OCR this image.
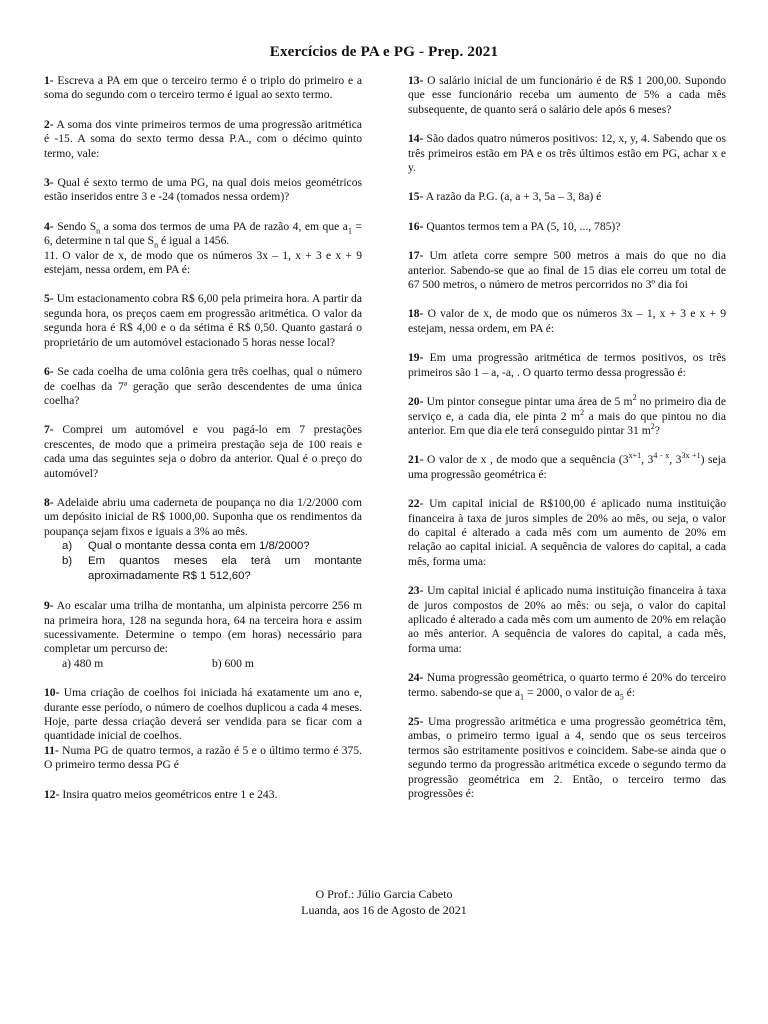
Exercícios de PA e PG - Prep. 2021

1- Escreva a PA em que o terceiro termo é o triplo do primeiro e a soma do segundo com o terceiro termo é igual ao sexto termo.

2- A soma dos vinte primeiros termos de uma progressão aritmética é -15. A soma do sexto termo dessa P.A., com o décimo quinto termo, vale:

3- Qual é sexto termo de uma PG, na qual dois meios geométricos estão inseridos entre 3 e -24 (tomados nessa ordem)?

4- Sendo $S_n$ a soma dos termos de uma PA de razão 4, em que $a_1 = 6$, determine n tal que $S_n$ é igual a 1456.

11. O valor de x, de modo que os números 3x – 1, x + 3 e x + 9 estejam, nessa ordem, em PA é:

5- Um estacionamento cobra R$ 6,00 pela primeira hora. A partir da segunda hora, os preços caem em progressão aritmética. O valor da segunda hora é R$ 4,00 e o da sétima é R$ 0,50. Quanto gastará o proprietário de um automóvel estacionado 5 horas nesse local?

6- Se cada coelha de uma colônia gera três coelhas, qual o número de coelhas da 7ª geração que serão descendentes de uma única coelha?

7- Comprei um automóvel e vou pagá-lo em 7 prestações crescentes, de modo que a primeira prestação seja de 100 reais e cada uma das seguintes seja o dobro da anterior. Qual é o preço do automóvel?

8- Adelaide abriu uma caderneta de poupança no dia 1/2/2000 com um depósito inicial de R$ 1000,00. Suponha que os rendimentos da poupança sejam fixos e iguais a 3% ao mês.
a)	Qual o montante dessa conta em 1/8/2000?
b)	Em quantos meses ela terá um montante aproximadamente R$ 1 512,60?
9- Ao escalar uma trilha de montanha, um alpinista percorre 256 m na primeira hora, 128 na segunda hora, 64 na terceira hora e assim sucessivamente. Determine o tempo (em horas) necessário para completar um percurso de:
a) 480 m	b) 600 m

10- Uma criação de coelhos foi iniciada há exatamente um ano e, durante esse período, o número de coelhos duplicou a cada 4 meses. Hoje, parte dessa criação deverá ser vendida para se ficar com a quantidade inicial de coelhos.

11- Numa PG de quatro termos, a razão é 5 e o último termo é 375. O primeiro termo dessa PG é

12- Insira quatro meios geométricos entre 1 e 243.

13- O salário inicial de um funcionário é de R$ 1 200,00. Supondo que esse funcionário receba um aumento de 5% a cada mês subsequente, de quanto será o salário dele após 6 meses?

14- São dados quatro números positivos: 12, x, y, 4. Sabendo que os três primeiros estão em PA e os três últimos estão em PG, achar x e y.

15- A razão da P.G. (a, a + 3, 5a – 3, 8a) é

16- Quantos termos tem a PA (5, 10, ..., 785)?

17- Um atleta corre sempre 500 metros a mais do que no dia anterior. Sabendo-se que ao final de 15 dias ele correu um total de 67 500 metros, o número de metros percorridos no 3º dia foi

18- O valor de x, de modo que os números 3x – 1, x + 3 e x + 9 estejam, nessa ordem, em PA é:

19- Em uma progressão aritmética de termos positivos, os três primeiros são 1 – a, -a, . O quarto termo dessa progressão é:

20- Um pintor consegue pintar uma área de 5 $m^2$ no primeiro dia de serviço e, a cada dia, ele pinta 2 $m^2$ a mais do que pintou no dia anterior. Em que dia ele terá conseguido pintar 31 $m^2$?

21- O valor de x , de modo que a sequência ($3^{x+1}$, 3$^{4 - x}$, $3^{3x +1}$) seja uma progressão geométrica é:

22- Um capital inicial de R$100,00 é aplicado numa instituição financeira à taxa de juros simples de 20% ao mês, ou seja, o valor do capital é alterado a cada mês com um aumento de 20% em relação ao capital inicial. A sequência de valores do capital, a cada mês, forma uma:

23- Um capital inicial é aplicado numa instituição financeira à taxa de juros compostos de 20% ao mês: ou seja, o valor do capital aplicado é alterado a cada mês com um aumento de 20% em relação ao mês anterior. A sequência de valores do capital, a cada mês, forma uma:

24- Numa progressão geométrica, o quarto termo é 20% do terceiro termo. sabendo-se que $a_1 = 2000$, o valor de $a_5$ é:

25- Uma progressão aritmética e uma progressão geométrica têm, ambas, o primeiro termo igual a 4, sendo que os seus terceiros termos são estritamente positivos e coincidem. Sabe-se ainda que o segundo termo da progressão aritmética excede o segundo termo da progressão geométrica em 2. Então, o terceiro termo das progressões é:

O Prof.: Júlio Garcia Cabeto
Luanda, aos 16 de Agosto de 2021
